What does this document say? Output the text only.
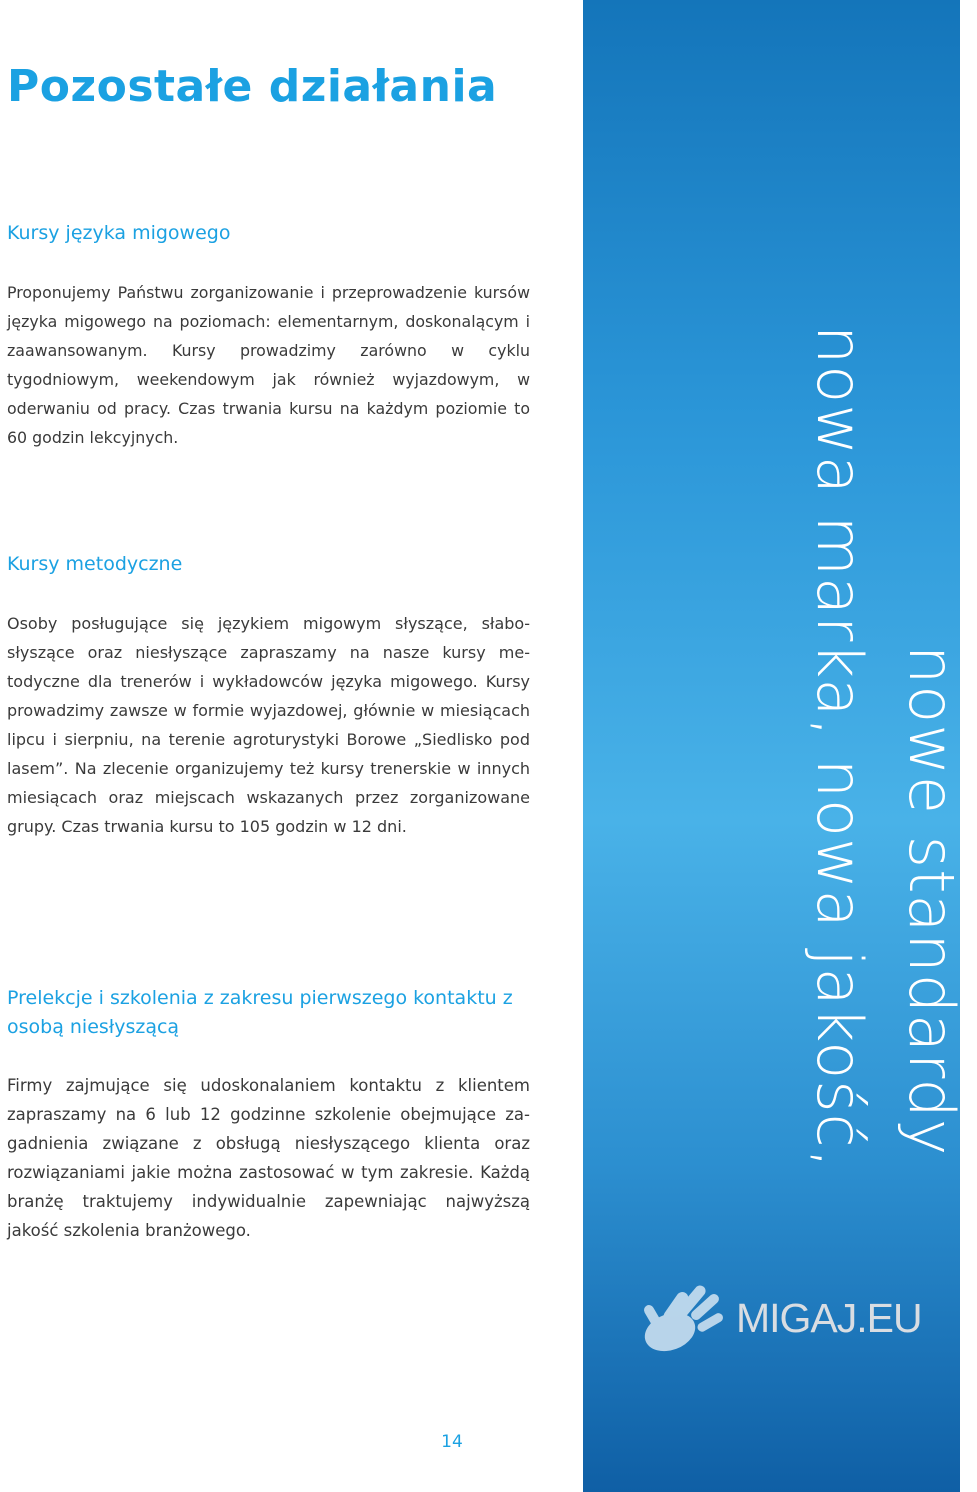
Pozostałe działania
Kursy języka migowego

Proponujemy Państwu zorganizowanie i przeprowadzenie kursów języka migowego na poziomach: elementarnym, doskonalącym i zaawansowanym. Kursy prowadzimy zarówno w cyklu tygodniowym, weekendowym jak również wyjazdowym, w oderwaniu od pracy. Czas trwania kursu na każdym poziomie to 60 godzin lekcyjnych.

Kursy metodyczne

Osoby posługujące się językiem migowym słyszące, słabosłyszące oraz niesłyszące zapraszamy na nasze kursy metodyczne dla trenerów i wykładowców języka migowego. Kursy prowadzimy zawsze w formie wyjazdowej, głównie w miesiącach lipcu i sierpniu, na terenie agroturystyki Borowe „Siedlisko pod lasem”. Na zlecenie organizujemy też kursy trenerskie w innych miesiącach oraz miejscach wskazanych przez zorganizowane grupy. Czas trwania kursu to 105 godzin w 12 dni.

Prelekcje i szkolenia z zakresu pierwszego kontaktu z osobą niesłyszącą

Firmy zajmujące się udoskonalaniem kontaktu z klientem zapraszamy na 6 lub 12 godzinne szkolenie obejmujące zagadnienia związane z obsługą niesłyszącego klienta oraz rozwiązaniami jakie można zastosować w tym zakresie. Każdą branżę traktujemy indywidualnie zapewniając najwyższą jakość szkolenia branżowego.

14
nowa marka, nowa jakość, nowe standardy
MIGAJ.EU
